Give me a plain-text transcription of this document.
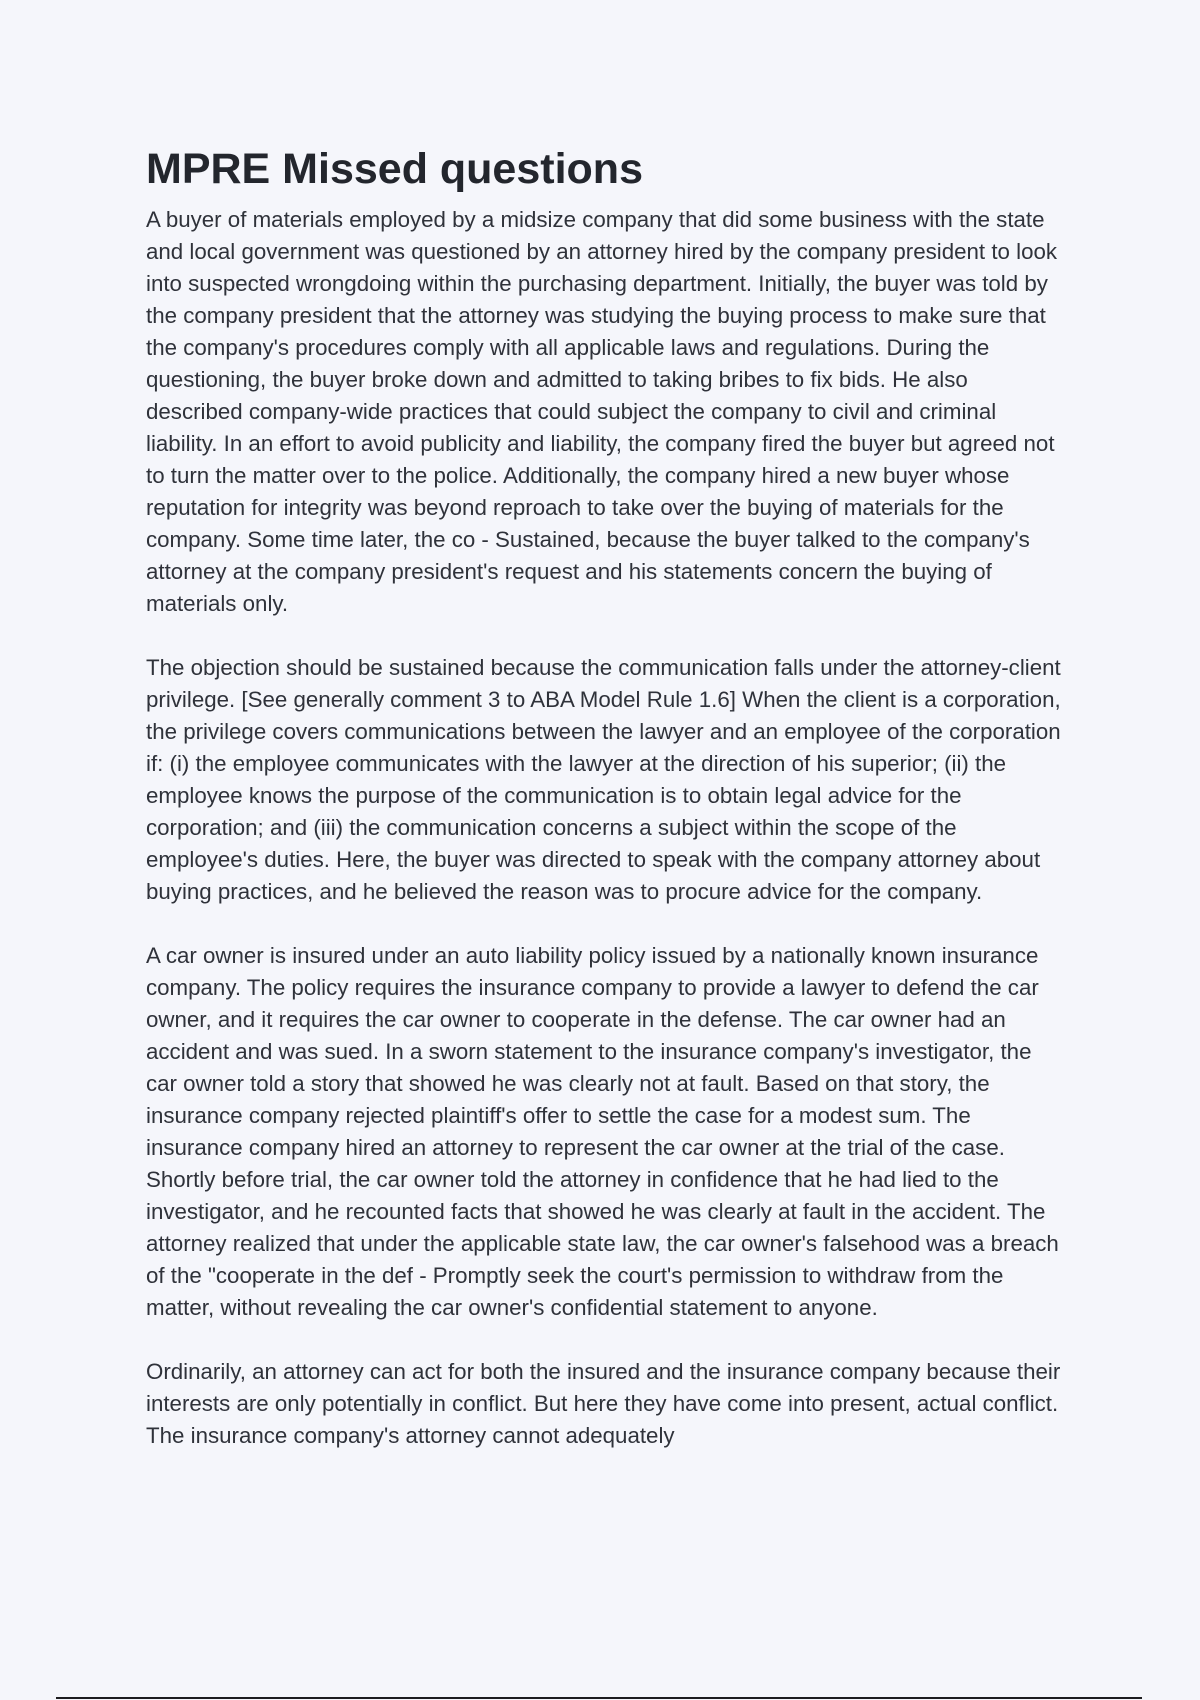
MPRE Missed questions

A buyer of materials employed by a midsize company that did some business with the state and local government was questioned by an attorney hired by the company president to look into suspected wrongdoing within the purchasing department. Initially, the buyer was told by the company president that the attorney was studying the buying process to make sure that the company's procedures comply with all applicable laws and regulations. During the questioning, the buyer broke down and admitted to taking bribes to fix bids. He also described company-wide practices that could subject the company to civil and criminal liability. In an effort to avoid publicity and liability, the company fired the buyer but agreed not to turn the matter over to the police. Additionally, the company hired a new buyer whose reputation for integrity was beyond reproach to take over the buying of materials for the company. Some time later, the co - Sustained, because the buyer talked to the company's attorney at the company president's request and his statements concern the buying of materials only.

The objection should be sustained because the communication falls under the attorney-client privilege. [See generally comment 3 to ABA Model Rule 1.6] When the client is a corporation, the privilege covers communications between the lawyer and an employee of the corporation if: (i) the employee communicates with the lawyer at the direction of his superior; (ii) the employee knows the purpose of the communication is to obtain legal advice for the corporation; and (iii) the communication concerns a subject within the scope of the employee's duties. Here, the buyer was directed to speak with the company attorney about buying practices, and he believed the reason was to procure advice for the company.

A car owner is insured under an auto liability policy issued by a nationally known insurance company. The policy requires the insurance company to provide a lawyer to defend the car owner, and it requires the car owner to cooperate in the defense. The car owner had an accident and was sued. In a sworn statement to the insurance company's investigator, the car owner told a story that showed he was clearly not at fault. Based on that story, the insurance company rejected plaintiff's offer to settle the case for a modest sum. The insurance company hired an attorney to represent the car owner at the trial of the case. Shortly before trial, the car owner told the attorney in confidence that he had lied to the investigator, and he recounted facts that showed he was clearly at fault in the accident. The attorney realized that under the applicable state law, the car owner's falsehood was a breach of the "cooperate in the def - Promptly seek the court's permission to withdraw from the matter, without revealing the car owner's confidential statement to anyone.

Ordinarily, an attorney can act for both the insured and the insurance company because their interests are only potentially in conflict. But here they have come into present, actual conflict. The insurance company's attorney cannot adequately
